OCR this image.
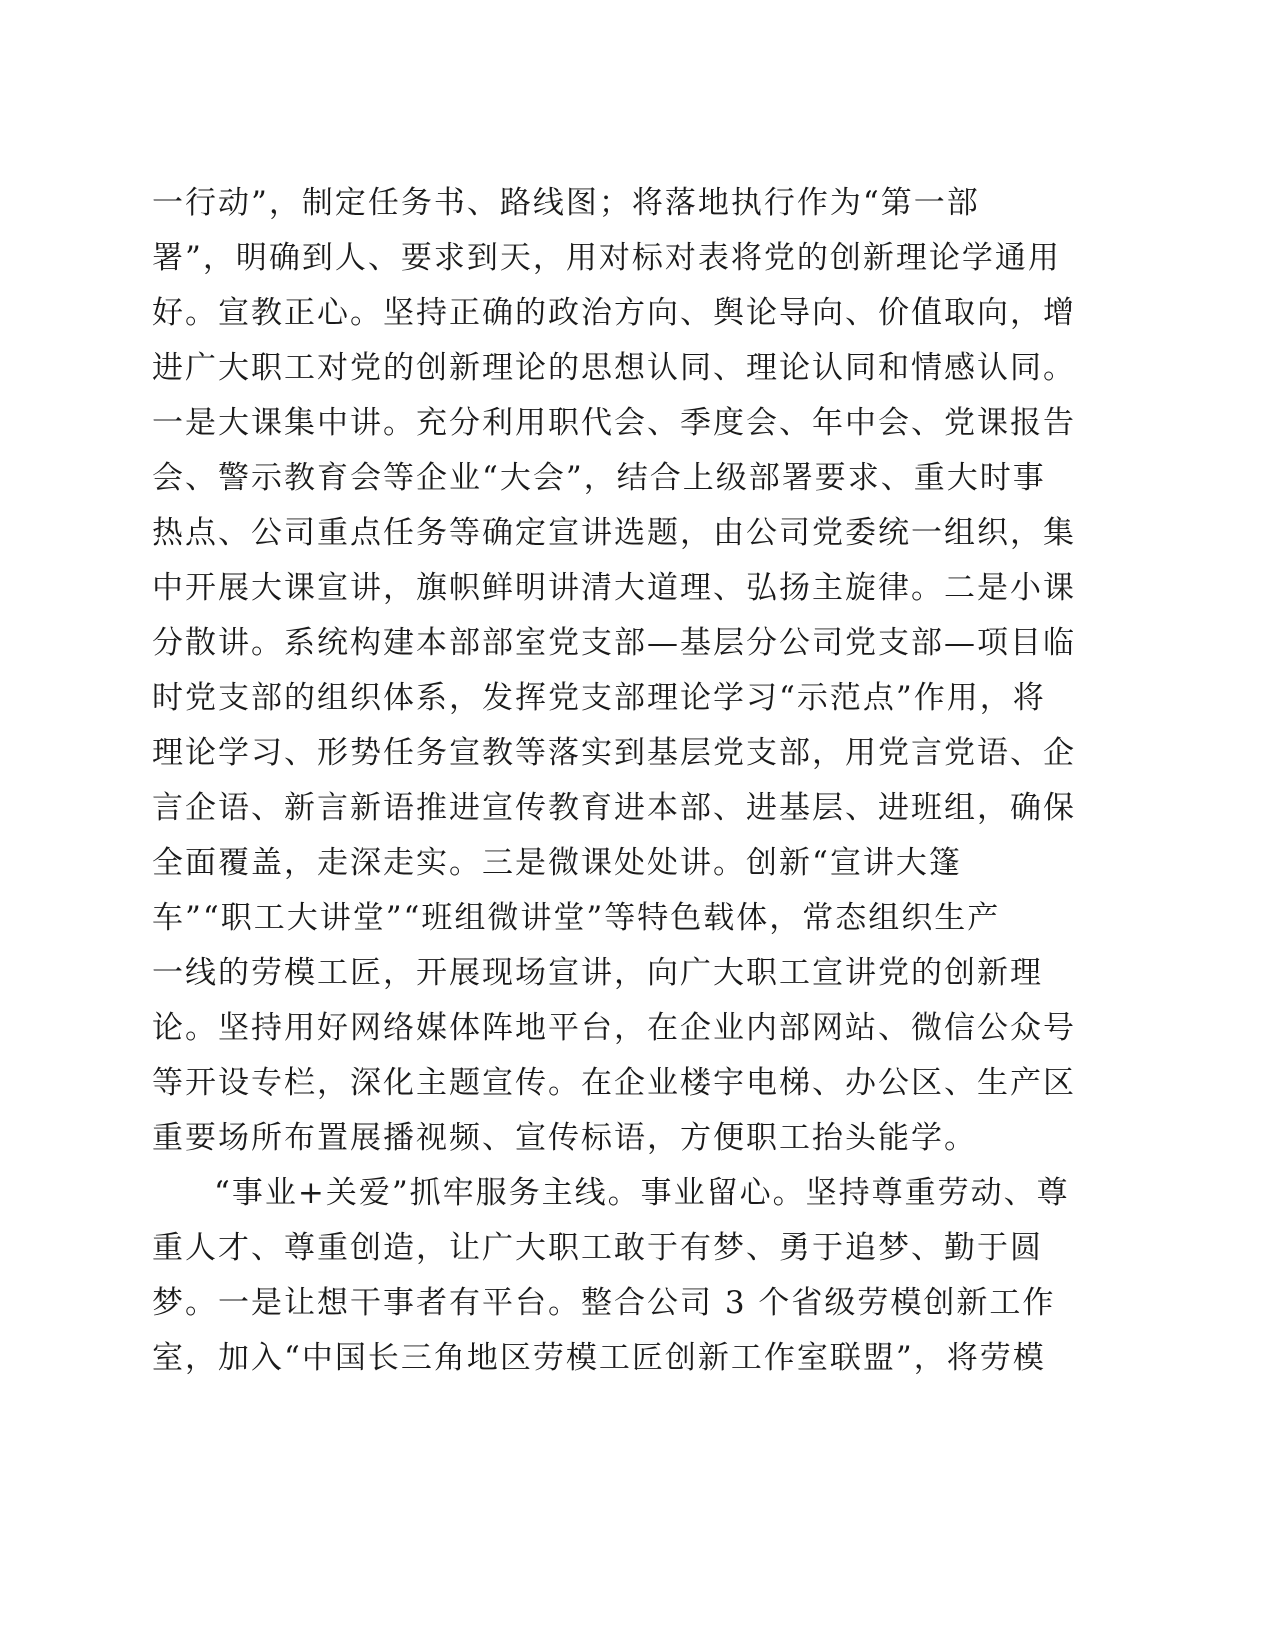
一行动”，制定任务书、路线图；将落地执行作为“第一部
署”，明确到人、要求到天，用对标对表将党的创新理论学通用
好。宣教正心。坚持正确的政治方向、舆论导向、价值取向，增
进广大职工对党的创新理论的思想认同、理论认同和情感认同。
一是大课集中讲。充分利用职代会、季度会、年中会、党课报告
会、警示教育会等企业“大会”，结合上级部署要求、重大时事
热点、公司重点任务等确定宣讲选题，由公司党委统一组织，集
中开展大课宣讲，旗帜鲜明讲清大道理、弘扬主旋律。二是小课
分散讲。系统构建本部部室党支部—基层分公司党支部—项目临
时党支部的组织体系，发挥党支部理论学习“示范点”作用，将
理论学习、形势任务宣教等落实到基层党支部，用党言党语、企
言企语、新言新语推进宣传教育进本部、进基层、进班组，确保
全面覆盖，走深走实。三是微课处处讲。创新“宣讲大篷
车”“职工大讲堂”“班组微讲堂”等特色载体，常态组织生产
一线的劳模工匠，开展现场宣讲，向广大职工宣讲党的创新理
论。坚持用好网络媒体阵地平台，在企业内部网站、微信公众号
等开设专栏，深化主题宣传。在企业楼宇电梯、办公区、生产区
重要场所布置展播视频、宣传标语，方便职工抬头能学。
“事业+关爱”抓牢服务主线。事业留心。坚持尊重劳动、尊
重人才、尊重创造，让广大职工敢于有梦、勇于追梦、勤于圆
梦。一是让想干事者有平台。整合公司 3 个省级劳模创新工作
室，加入“中国长三角地区劳模工匠创新工作室联盟”，将劳模
